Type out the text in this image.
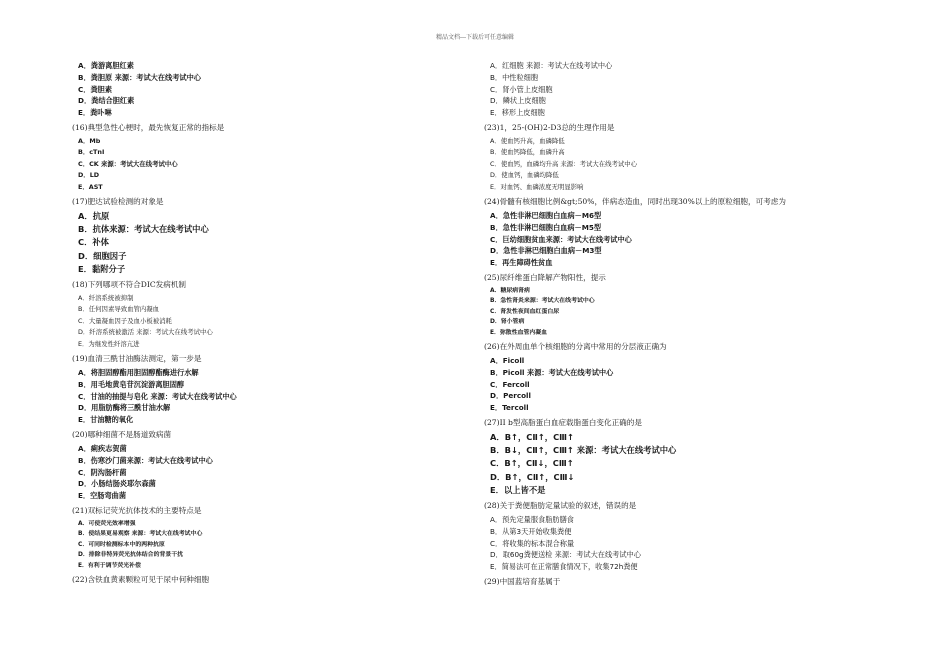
精品文档---下载后可任意编辑
A．粪游离胆红素
B．粪胆原 来源：考试大在线考试中心
C．粪胆素
D．粪结合胆红素
E．粪卟啉
(16)典型急性心梗时，最先恢复正常的指标是
A．Mb
B．cTnI
C．CK 来源：考试大在线考试中心
D．LD
E．AST
(17)肥达试验检测的对象是
A．抗原
B．抗体来源：考试大在线考试中心
C．补体
D．细胞因子
E．黏附分子
(18)下列哪项不符合DIC发病机制
A．纤溶系统被抑制
B．任何因素导致血管内凝血
C．大量凝血因子及血小板被消耗
D．纤溶系统被激活 来源：考试大在线考试中心
E．为继发性纤溶亢进
(19)血清三酰甘油酶法测定，第一步是
A．将胆固醇酯用胆固醇酯酶进行水解
B．用毛地黄皂苷沉淀游离胆固醇
C．甘油的抽提与皂化 来源：考试大在线考试中心
D．用脂肪酶将三酰甘油水解
E．甘油糖的氧化
(20)哪种细菌不是肠道致病菌
A．痢疾志贺菌
B．伤寒沙门菌来源：考试大在线考试中心
C．阴沟肠杆菌
D．小肠结肠炎耶尔森菌
E．空肠弯曲菌
(21)双标记荧光抗体技术的主要特点是
A．可使荧光效率增强
B．使结果更易观察 来源：考试大在线考试中心
C．可同时检测标本中的两种抗原
D．排除非特异荧光抗体结合的背景干扰
E．有利于调节荧光补偿
(22)含铁血黄素颗粒可见于尿中何种细胞
A．红细胞 来源：考试大在线考试中心
B．中性粒细胞
C．肾小管上皮细胞
D．鳞状上皮细胞
E．移形上皮细胞
(23)1，25-(OH)2-D3总的生理作用是
A．使血钙升高，血磷降低
B．使血钙降低，血磷升高
C．使血钙，血磷均升高 来源：考试大在线考试中心
D．使血钙，血磷均降低
E．对血钙、血磷浓度无明显影响
(24)骨髓有核细胞比例&gt;50%，伴病态造血，同时出现30%以上的原粒细胞，可考虑为
A．急性非淋巴细胞白血病－M6型
B．急性非淋巴细胞白血病－M5型
C．巨幼细胞贫血来源：考试大在线考试中心
D．急性非淋巴细胞白血病－M3型
E．再生障碍性贫血
(25)尿纤维蛋白降解产物阳性，提示
A．糖尿病肾病
B．急性肾炎来源：考试大在线考试中心
C．肾发性夜间血红蛋白尿
D．肾小管病
E．弥散性血管内凝血
(26)在外周血单个核细胞的分离中常用的分层液正确为
A．Ficoll
B．Picoll 来源：考试大在线考试中心
C．Fercoll
D．Percoll
E．Tercoll
(27)II b型高脂蛋白血症载脂蛋白变化正确的是
A．B↑，CⅡ↑，CⅢ↑
B．B↓，CⅡ↑，CⅢ↑ 来源：考试大在线考试中心
C．B↑，CⅡ↓，CⅢ↑
D．B↑，CⅡ↑，CⅢ↓
E．以上皆不是
(28)关于粪便脂肪定量试验的叙述，错误的是
A．预先定量服食脂肪膳食
B．从第3天开始收集粪便
C．将收集的标本混合称量
D．取60g粪便送检 来源：考试大在线考试中心
E．简易法可在正常膳食情况下，收集72h粪便
(29)中国蓝培育基属于
